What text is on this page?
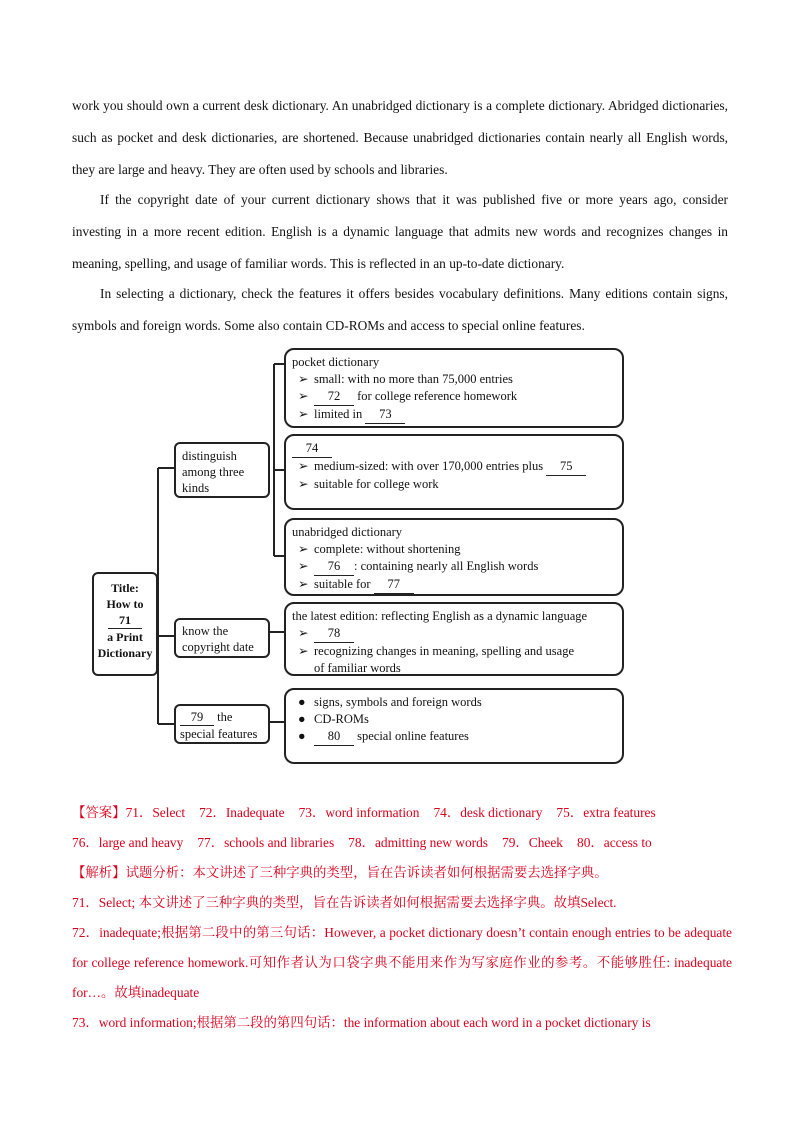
work you should own a current desk dictionary. An unabridged dictionary is a complete dictionary. Abridged dictionaries, such as pocket and desk dictionaries, are shortened. Because unabridged dictionaries contain nearly all English words, they are large and heavy. They are often used by schools and libraries.

If the copyright date of your current dictionary shows that it was published five or more years ago, consider investing in a more recent edition. English is a dynamic language that admits new words and recognizes changes in meaning, spelling, and usage of familiar words. This is reflected in an up-to-date dictionary.

In selecting a dictionary, check the features it offers besides vocabulary definitions. Many editions contain signs, symbols and foreign words. Some also contain CD-ROMs and access to special online features.

Title:
How to
71
a Print
Dictionary
distinguish among three kinds
know the copyright date
79 the
special features
pocket dictionary
➢ small: with no more than 75,000 entries
➢ 72 for college reference homework
➢ limited in 73
74
➢ medium-sized: with over 170,000 entries plus 75
➢ suitable for college work
unabridged dictionary
➢ complete: without shortening
➢ 76 : containing nearly all English words
➢ suitable for 77
the latest edition: reflecting English as a dynamic language
➢ 78
➢ recognizing changes in meaning, spelling and usage
of familiar words
● signs, symbols and foreign words
● CD-ROMs
● 80 special online features
【答案】71．Select 72．Inadequate 73．word information 74．desk dictionary 75．extra features
76．large and heavy 77．schools and libraries 78．admitting new words 79．Cheek 80．access to
【解析】试题分析：本文讲述了三种字典的类型，旨在告诉读者如何根据需要去选择字典。
71．Select; 本文讲述了三种字典的类型，旨在告诉读者如何根据需要去选择字典。故填Select.
72．inadequate;根据第二段中的第三句话：However, a pocket dictionary doesn’t contain enough entries to be adequate for college reference homework.可知作者认为口袋字典不能用来作为写家庭作业的参考。不能够胜任: inadequate for…。故填inadequate
73．word information;根据第二段的第四句话：the information about each word in a pocket dictionary is
